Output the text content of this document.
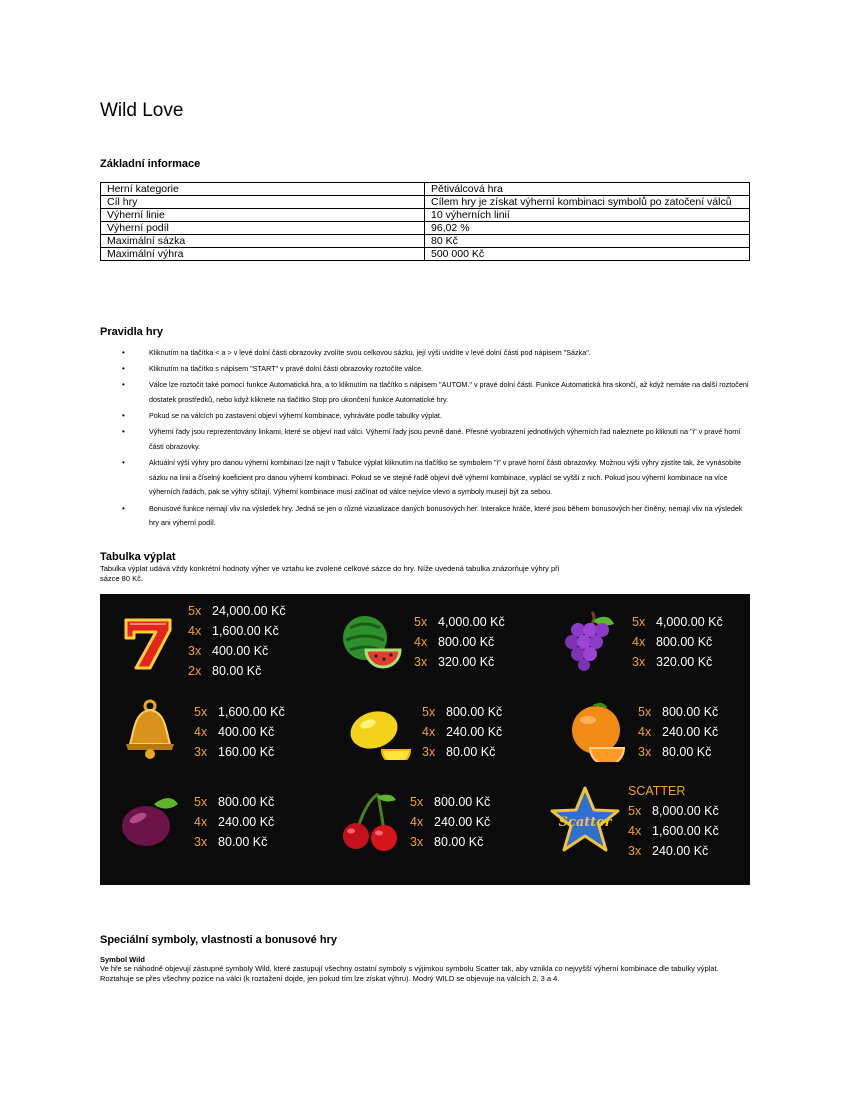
Wild Love
Základní informace
Herní kategorie	Pětiválcová hra
Cíl hry	Cílem hry je získat výherní kombinaci symbolů po zatočení válců
Výherní linie	10 výherních linií
Výherní podíl	96,02 %
Maximální sázka	80 Kč
Maximální výhra	500 000 Kč
Pravidla hry
• Kliknutím na tlačítka < a > v levé dolní části obrazovky zvolíte svou celkovou sázku, její výši uvidíte v levé dolní části pod nápisem "Sázka".
• Kliknutím na tlačítko s nápisem "START" v pravé dolní části obrazovky roztočíte válce.
• Válce lze roztočit také pomocí funkce Automatická hra, a to kliknutím na tlačítko s nápisem "AUTOM." v pravé dolní části. Funkce Automatická hra skončí, až když nemáte na další roztočení dostatek prostředků, nebo když kliknete na tlačítko Stop pro ukončení funkce Automatické hry.
• Pokud se na válcích po zastavení objeví výherní kombinace, vyhráváte podle tabulky výplat.
• Výherní řady jsou reprezentovány linkami, které se objeví nad válci. Výherní řady jsou pevně dané. Přesné vyobrazení jednotlivých výherních řad naleznete po kliknutí na "i" v pravé horní části obrazovky.
• Aktuální výši výhry pro danou výherní kombinaci lze najít v Tabulce výplat kliknutím na tlačítko se symbolem "i" v pravé horní části obrazovky. Možnou výši výhry zjistíte tak, že vynásobíte sázku na linii a číselný koeficient pro danou výherní kombinaci. Pokud se ve stejné řadě objeví dvě výherní kombinace, vyplácí se vyšší z nich. Pokud jsou výherní kombinace na více výherních řadách, pak se výhry sčítají. Výherní kombinace musí začínat od válce nejvíce vlevo a symboly musejí být za sebou.
• Bonusové funkce nemají vliv na výsledek hry. Jedná se jen o různé vizualizace daných bonusových her. Interakce hráče, které jsou během bonusových her činěny, nemají vliv na výsledek hry ani výherní podíl.
Tabulka výplat
Tabulka výplat udává vždy konkrétní hodnoty výher ve vztahu ke zvolené celkové sázce do hry. Níže uvedená tabulka znázorňuje výhry při sázce 80 Kč.
5x 24,000.00 Kč
4x 1,600.00 Kč
3x 400.00 Kč
2x 80.00 Kč
5x 4,000.00 Kč
4x 800.00 Kč
3x 320.00 Kč
5x 4,000.00 Kč
4x 800.00 Kč
3x 320.00 Kč
5x 1,600.00 Kč
4x 400.00 Kč
3x 160.00 Kč
5x 800.00 Kč
4x 240.00 Kč
3x 80.00 Kč
5x 800.00 Kč
4x 240.00 Kč
3x 80.00 Kč
5x 800.00 Kč
4x 240.00 Kč
3x 80.00 Kč
5x 800.00 Kč
4x 240.00 Kč
3x 80.00 Kč
Scatter
SCATTER
5x 8,000.00 Kč
4x 1,600.00 Kč
3x 240.00 Kč
Speciální symboly, vlastnosti a bonusové hry
Symbol Wild
Ve hře se náhodně objevují zástupné symboly Wild, které zastupují všechny ostatní symboly s výjimkou symbolu Scatter tak, aby vznikla co nejvyšší výherní kombinace dle tabulky výplat. Roztahuje se přes všechny pozice na válci (k roztažení dojde, jen pokud tím lze získat výhru). Modrý WILD se objevuje na válcích 2, 3 a 4.
